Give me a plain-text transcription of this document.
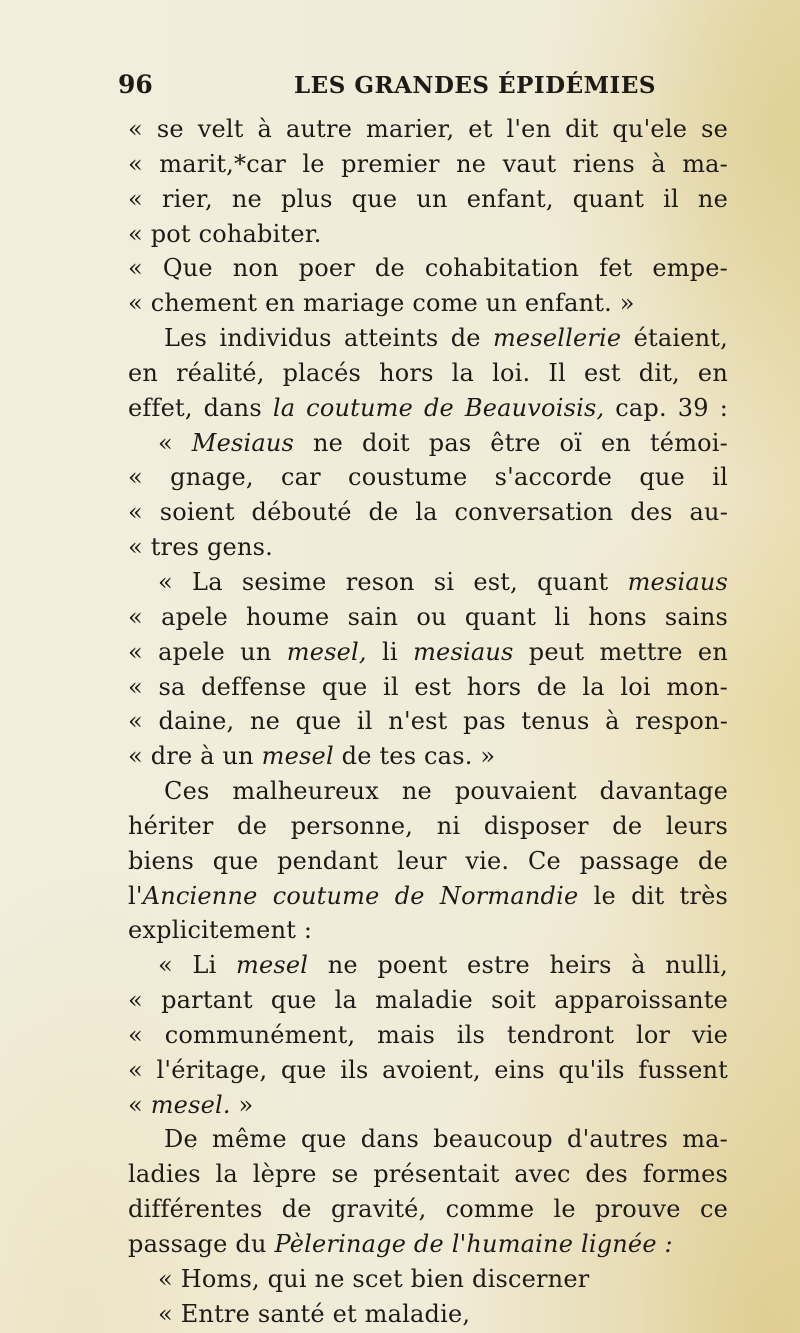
96	LES GRANDES ÉPIDÉMIES
« se velt à autre marier, et l'en dit qu'ele se
« marit,*car le premier ne vaut riens à ma-
« rier, ne plus que un enfant, quant il ne
« pot cohabiter.
« Que non poer de cohabitation fet empe-
« chement en mariage come un enfant. »
Les individus atteints de mesellerie étaient,
en réalité, placés hors la loi. Il est dit, en
effet, dans la coutume de Beauvoisis, cap. 39 :
« Mesiaus ne doit pas être oï en témoi-
« gnage, car coustume s'accorde que il
« soient débouté de la conversation des au-
« tres gens.
« La sesime reson si est, quant mesiaus
« apele houme sain ou quant li hons sains
« apele un mesel, li mesiaus peut mettre en
« sa deffense que il est hors de la loi mon-
« daine, ne que il n'est pas tenus à respon-
« dre à un mesel de tes cas. »
Ces malheureux ne pouvaient davantage
hériter de personne, ni disposer de leurs
biens que pendant leur vie. Ce passage de
l'Ancienne coutume de Normandie le dit très
explicitement :
« Li mesel ne poent estre heirs à nulli,
« partant que la maladie soit apparoissante
« communément, mais ils tendront lor vie
« l'éritage, que ils avoient, eins qu'ils fussent
« mesel. »
De même que dans beaucoup d'autres ma-
ladies la lèpre se présentait avec des formes
différentes de gravité, comme le prouve ce
passage du Pèlerinage de l'humaine lignée :
« Homs, qui ne scet bien discerner
« Entre santé et maladie,
